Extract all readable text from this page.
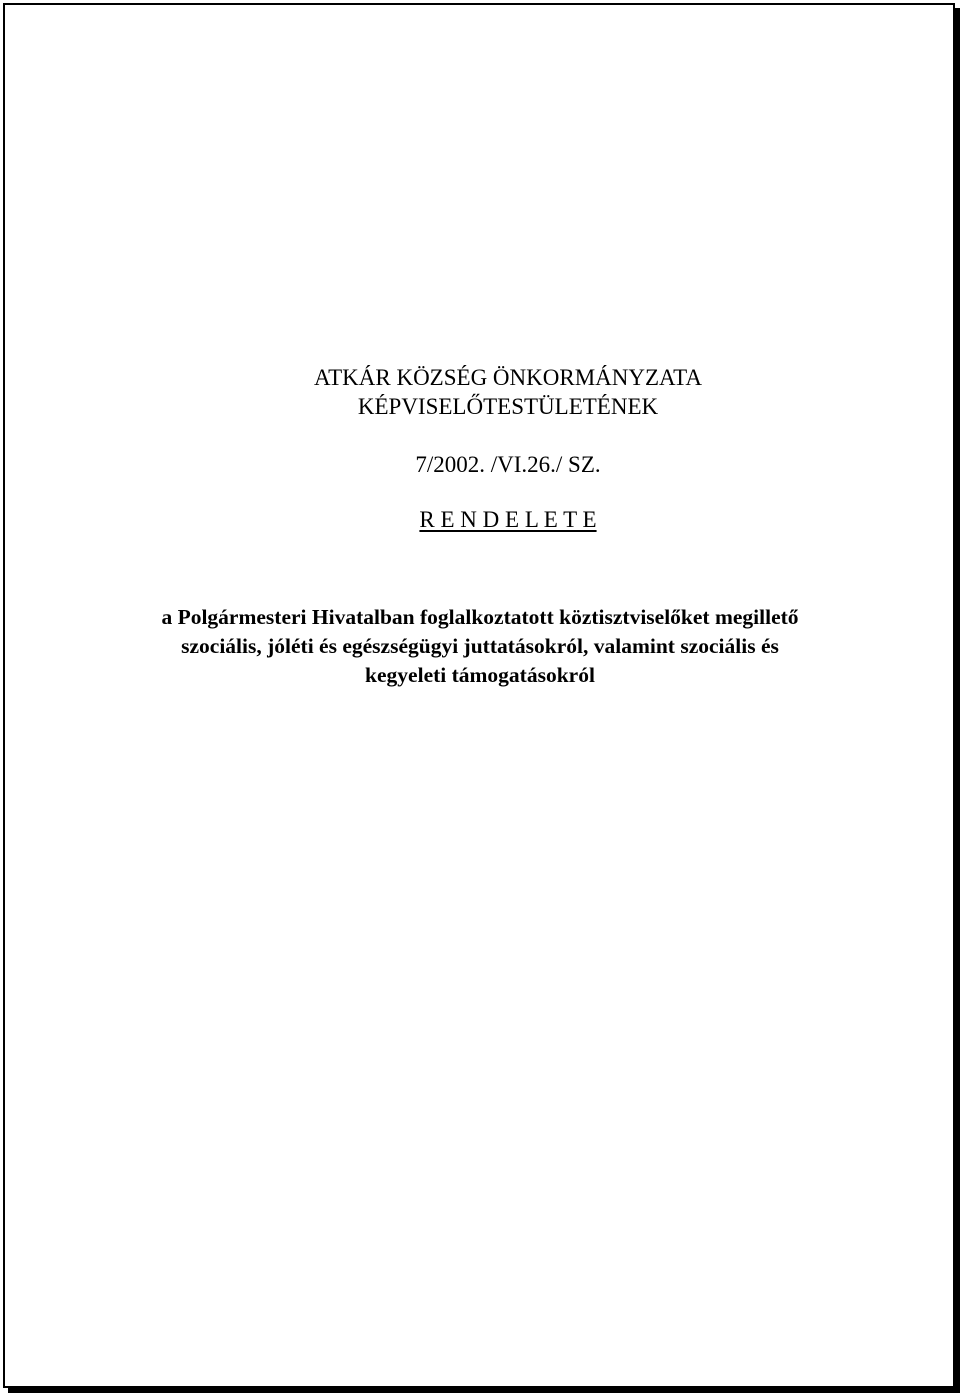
ATKÁR KÖZSÉG ÖNKORMÁNYZATA
KÉPVISELŐTESTÜLETÉNEK
7/2002. /VI.26./ SZ.
R E N D E L E T E
a Polgármesteri Hivatalban foglalkoztatott köztisztviselőket megillető
szociális, jóléti és egészségügyi juttatásokról, valamint szociális és
kegyeleti támogatásokról
